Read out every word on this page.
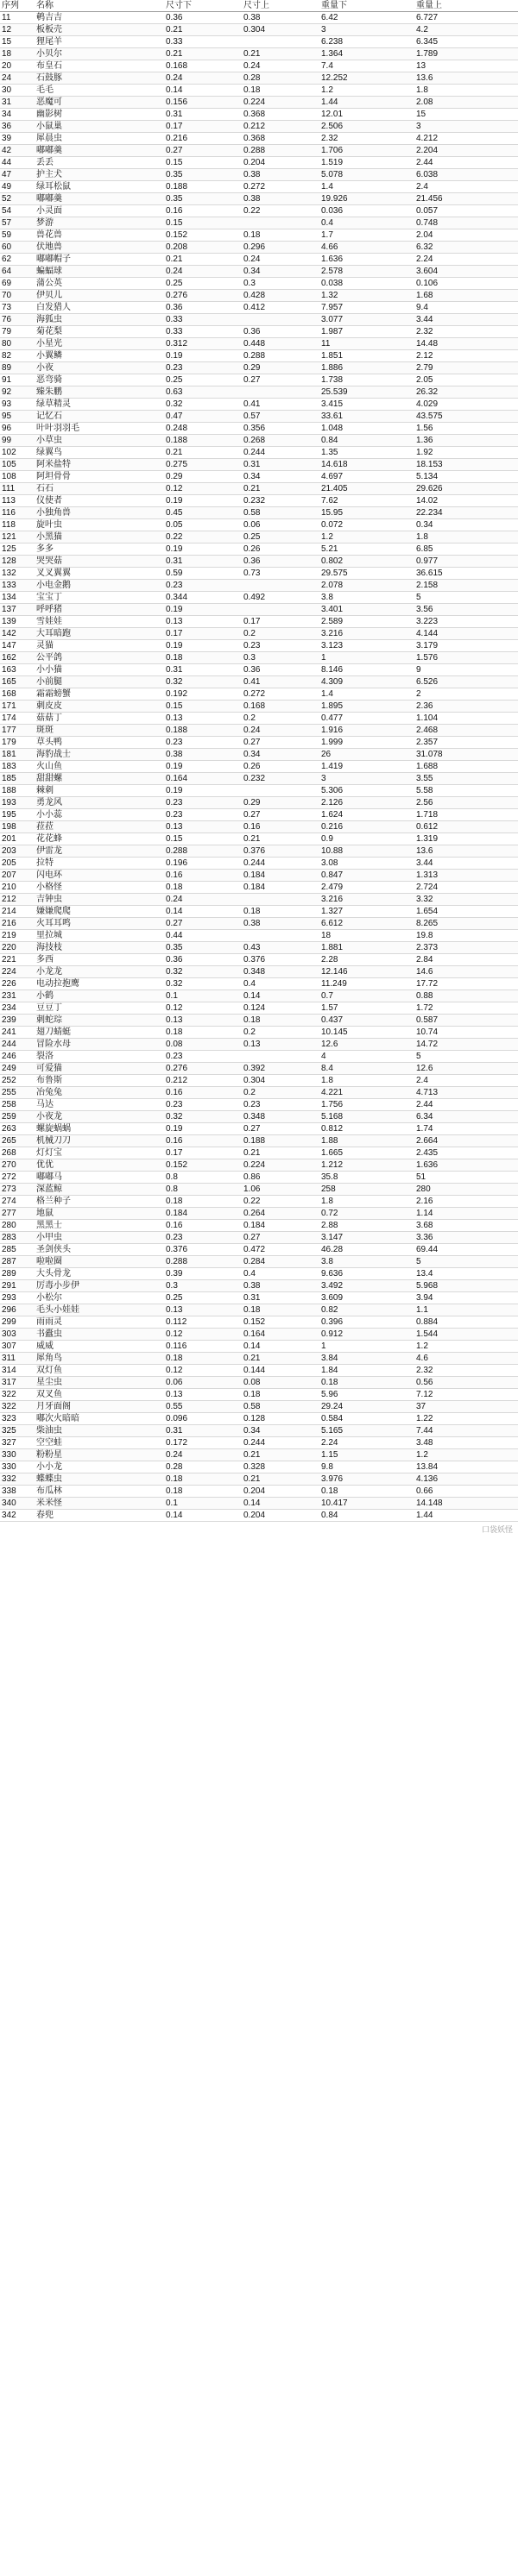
序列	名称	尺寸下	尺寸上	重量下	重量上
11	鹌吉吉	0.36	0.38	6.42	6.727
12	板板壳	0.21	0.304	3	4.2
15	狸尾羊	0.33		6.238	6.345
18	小贝尔	0.21	0.21	1.364	1.789
20	布皇石	0.168	0.24	7.4	13
24	石鼓豚	0.24	0.28	12.252	13.6
30	毛毛	0.14	0.18	1.2	1.8
31	恶魔可	0.156	0.224	1.44	2.08
34	幽影树	0.31	0.368	12.01	15
36	小鼠巢	0.17	0.212	2.506	3
39	犀晨虫	0.216	0.368	2.32	4.212
42	嘟嘟羹	0.27	0.288	1.706	2.204
44	丢丢	0.15	0.204	1.519	2.44
47	护主犬	0.35	0.38	5.078	6.038
49	绿耳松鼠	0.188	0.272	1.4	2.4
52	嘟嘟羹	0.35	0.38	19.926	21.456
54	小灵面	0.16	0.22	0.036	0.057
57	梦游	0.15		0.4	0.748
59	兽花兽	0.152	0.18	1.7	2.04
60	伏地兽	0.208	0.296	4.66	6.32
62	嘟嘟帽子	0.21	0.24	1.636	2.24
64	蝙蝠球	0.24	0.34	2.578	3.604
69	蒲公英	0.25	0.3	0.038	0.106
70	伊贝儿	0.276	0.428	1.32	1.68
73	白发猎人	0.36	0.412	7.957	9.4
76	海狐虫	0.33		3.077	3.44
79	菊花梨	0.33	0.36	1.987	2.32
80	小星光	0.312	0.448	11	14.48
82	小翼鳞	0.19	0.288	1.851	2.12
89	小夜	0.23	0.29	1.886	2.79
91	恶弯骑	0.25	0.27	1.738	2.05
92	臻朱鹏	0.63		25.539	26.32
93	绿草精灵	0.32	0.41	3.415	4.029
95	记忆石	0.47	0.57	33.61	43.575
96	叶叶羽羽毛	0.248	0.356	1.048	1.56
99	小草虫	0.188	0.268	0.84	1.36
102	绿翼鸟	0.21	0.244	1.35	1.92
105	阿米盐特	0.275	0.31	14.618	18.153
108	阿坦骨骨	0.29	0.34	4.697	5.134
111	石石	0.12	0.21	21.405	29.626
113	仪使者	0.19	0.232	7.62	14.02
116	小独角兽	0.45	0.58	15.95	22.234
118	旋叶虫	0.05	0.06	0.072	0.34
121	小黑猫	0.22	0.25	1.2	1.8
125	多多	0.19	0.26	5.21	6.85
128	哭哭菇	0.31	0.36	0.802	0.977
132	叉叉翼翼	0.59	0.73	29.575	36.615
133	小电金鹅	0.23		2.078	2.158
134	宝宝丁	0.344	0.492	3.8	5
137	呼呼猪	0.19		3.401	3.56
139	雪娃娃	0.13	0.17	2.589	3.223
142	大耳暗跑	0.17	0.2	3.216	4.144
147	灵猫	0.19	0.23	3.123	3.179
162	公平鸽	0.18	0.3	1	1.576
163	小小猫	0.31	0.36	8.146	9
165	小前腿	0.32	0.41	4.309	6.526
168	霜霜螃蟹	0.192	0.272	1.4	2
171	刺皮皮	0.15	0.168	1.895	2.36
174	菇菇丁	0.13	0.2	0.477	1.104
177	斑斑	0.188	0.24	1.916	2.468
179	草头鸭	0.23	0.27	1.999	2.357
181	海豹战士	0.38	0.34	26	31.078
183	火山鱼	0.19	0.26	1.419	1.688
185	甜甜螺	0.164	0.232	3	3.55
188	棘刺	0.19		5.306	5.58
193	勇龙风	0.23	0.29	2.126	2.56
195	小小蕊	0.23	0.27	1.624	1.718
198	菈菈	0.13	0.16	0.216	0.612
201	花花蜂	0.15	0.21	0.9	1.319
203	伊雷龙	0.288	0.376	10.88	13.6
205	拉特	0.196	0.244	3.08	3.44
207	闪电环	0.16	0.184	0.847	1.313
210	小格怪	0.18	0.184	2.479	2.724
212	吉钟虫	0.24		3.216	3.32
214	嫌嫌爬爬	0.14	0.18	1.327	1.654
216	火耳耳鸣	0.27	0.38	6.612	8.265
219	里拉城	0.44		18	19.8
220	海技枝	0.35	0.43	1.881	2.373
221	多西	0.36	0.376	2.28	2.84
224	小龙龙	0.32	0.348	12.146	14.6
226	电动拉抱鹰	0.32	0.4	11.249	17.72
231	小鹤	0.1	0.14	0.7	0.88
234	豆豆丁	0.12	0.124	1.57	1.72
239	刺蛇琮	0.13	0.18	0.437	0.587
241	翅刀蜻蜓	0.18	0.2	10.145	10.74
244	冒险水母	0.08	0.13	12.6	14.72
246	裂洛	0.23		4	5
249	可爱猫	0.276	0.392	8.4	12.6
252	布鲁斯	0.212	0.304	1.8	2.4
255	冶兔兔	0.16	0.2	4.221	4.713
258	马达	0.23	0.23	1.756	2.44
259	小夜龙	0.32	0.348	5.168	6.34
263	螺旋蜗蜗	0.19	0.27	0.812	1.74
265	机械刀刀	0.16	0.188	1.88	2.664
268	灯灯宝	0.17	0.21	1.665	2.435
270	优优	0.152	0.224	1.212	1.636
272	嘟嘟马	0.8	0.86	35.8	51
273	深蓝鲸	0.8	1.06	258	280
274	格兰种子	0.18	0.22	1.8	2.16
277	地鼠	0.184	0.264	0.72	1.14
280	黑黑士	0.16	0.184	2.88	3.68
283	小甲虫	0.23	0.27	3.147	3.36
285	圣剑侠头	0.376	0.472	46.28	69.44
287	啦啦圈	0.288	0.284	3.8	5
289	大头骨龙	0.39	0.4	9.636	13.4
291	厉毒小步伊	0.3	0.38	3.492	5.968
293	小松尔	0.25	0.31	3.609	3.94
296	毛头小娃娃	0.13	0.18	0.82	1.1
299	雨雨灵	0.112	0.152	0.396	0.884
303	书蠹虫	0.12	0.164	0.912	1.544
307	威威	0.116	0.14	1	1.2
311	犀角鸟	0.18	0.21	3.84	4.6
314	双灯鱼	0.12	0.144	1.84	2.32
317	星尘虫	0.06	0.08	0.18	0.56
322	双叉鱼	0.13	0.18	5.96	7.12
322	月牙面阁	0.55	0.58	29.24	37
323	嘟次火暗暗	0.096	0.128	0.584	1.22
325	柴油虫	0.31	0.34	5.165	7.44
327	空空蛙	0.172	0.244	2.24	3.48
330	粉粉星	0.24	0.21	1.15	1.2
330	小小龙	0.28	0.328	9.8	13.84
332	蝶蝶虫	0.18	0.21	3.976	4.136
338	布瓜林	0.18	0.204	0.18	0.66
340	米米怪	0.1	0.14	10.417	14.148
342	春兜	0.14	0.204	0.84	1.44
口袋妖怪
